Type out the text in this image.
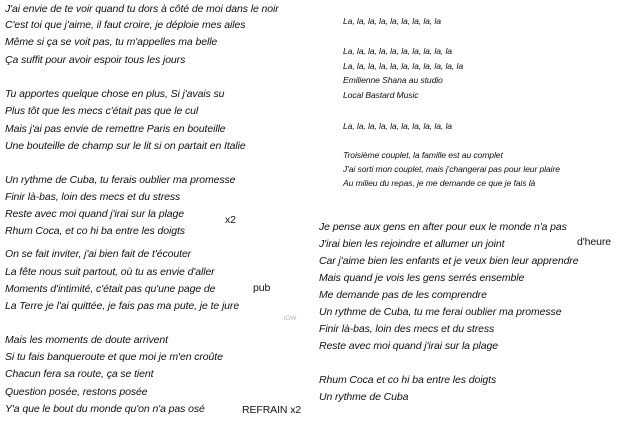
J'ai envie de te voir quand tu dors à côté de moi dans le noir
C'est toi que j'aime, il faut croire, je déploie mes ailes
Même si ça se voit pas, tu m'appelles ma belle
Ça suffit pour avoir espoir tous les jours
Tu apportes quelque chose en plus, Si j'avais su
Plus tôt que les mecs c'était pas que le cul
Mais j'ai pas envie de remettre Paris en bouteille
Une bouteille de champ sur le lit si on partait en Italie
Un rythme de Cuba, tu ferais oublier ma promesse
Finir là-bas, loin des mecs et du stress
Reste avec moi quand j'irai sur la plage
Rhum Coca, et co hi ba entre les doigts
x2
On se fait inviter, j'ai bien fait de t'écouter
La fête nous suit partout, où tu as envie d'aller
Moments d'intimité, c'était pas qu'une page de	pub
La Terre je l'ai quittée, je fais pas ma pute, je te jure
lOW
Mais les moments de doute arrivent
Si tu fais banqueroute et que moi je m'en croûte
Chacun fera sa route, ça se tient
Question posée, restons posée
Y'a que le bout du monde qu'on n'a pas osé	REFRAIN x2
La, la, la, la, la, la, la, la, la
La, la, la, la, la, la, la, la, la, la
La, la, la, la, la, la, la, la, la, la, la
Emilienne Shana au studio
Local Bastard Music
La, la, la, la, la, la, la, la, la, la
Troisième couplet, la famille est au complet
J'ai sorti mon couplet, mais j'changerai pas pour leur plaire
Au milieu du repas, je me demande ce que je fais là
Je pense aux gens en after pour eux le monde n'a pas
d'heure
J'irai bien les rejoindre et allumer un joint
Car j'aime bien les enfants et je veux bien leur apprendre
Mais quand je vois les gens serrés ensemble
Me demande pas de les comprendre
Un rythme de Cuba, tu me ferai oublier ma promesse
Finir là-bas, loin des mecs et du stress
Reste avec moi quand j'irai sur la plage
Rhum Coca et co hi ba entre les doigts
Un rythme de Cuba
